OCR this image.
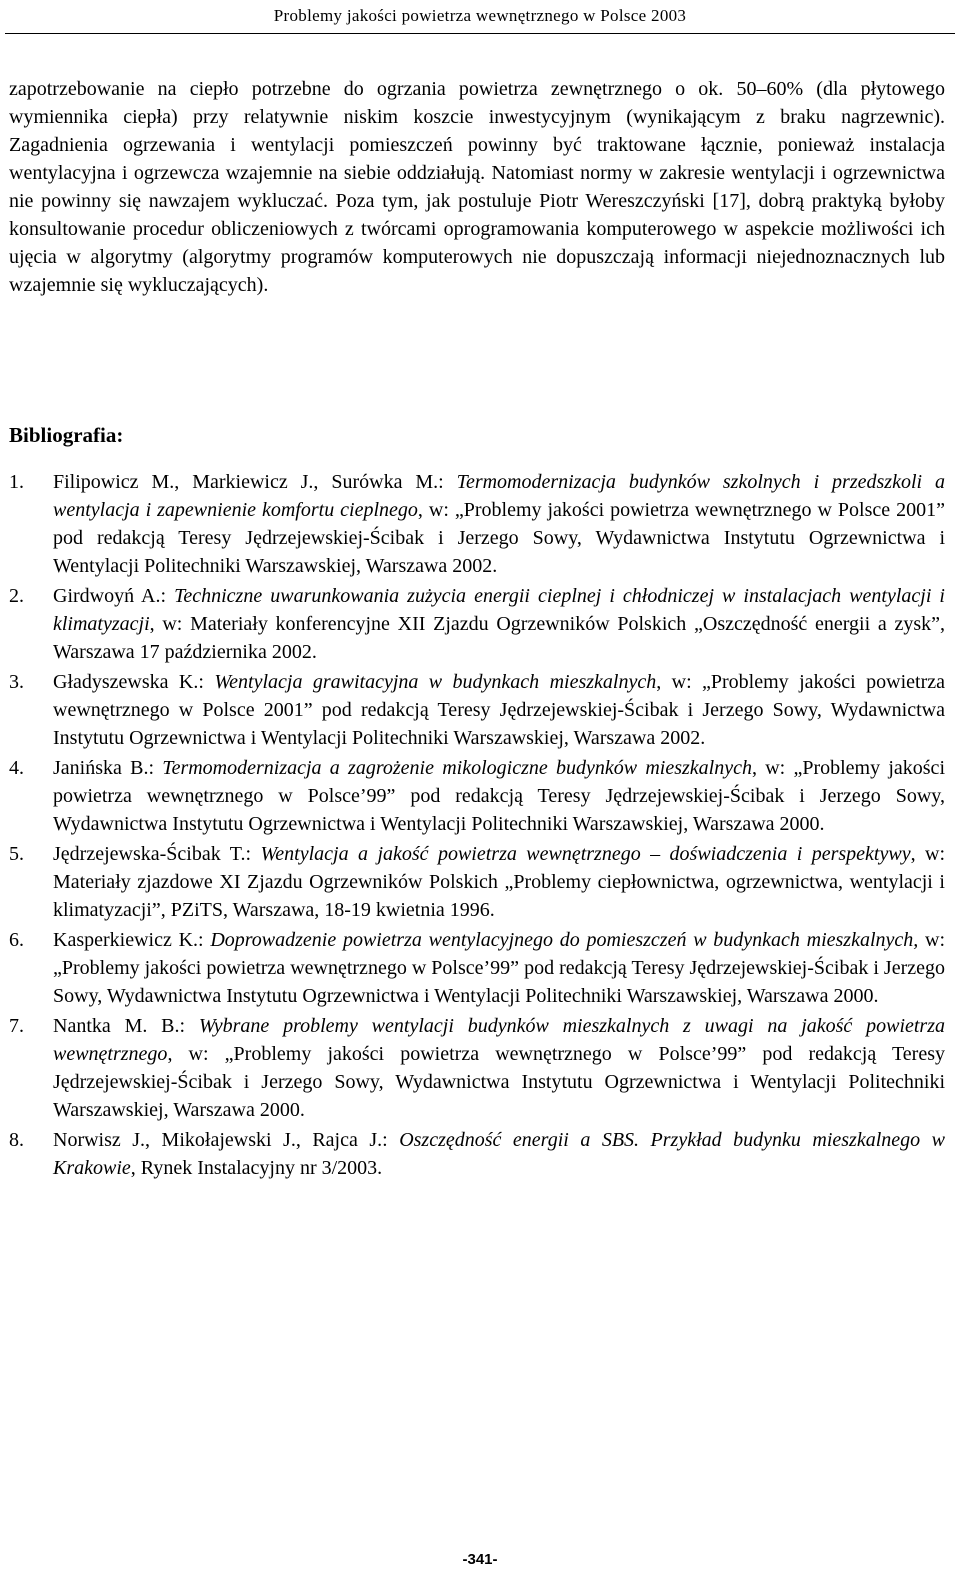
Problemy jakości powietrza wewnętrznego w Polsce 2003

zapotrzebowanie na ciepło potrzebne do ogrzania powietrza zewnętrznego o ok. 50–60% (dla płytowego wymiennika ciepła) przy relatywnie niskim koszcie inwestycyjnym (wynikającym z braku nagrzewnic). Zagadnienia ogrzewania i wentylacji pomieszczeń powinny być traktowane łącznie, ponieważ instalacja wentylacyjna i ogrzewcza wzajemnie na siebie oddziałują. Natomiast normy w zakresie wentylacji i ogrzewnictwa nie powinny się nawzajem wykluczać. Poza tym, jak postuluje Piotr Wereszczyński [17], dobrą praktyką byłoby konsultowanie procedur obliczeniowych z twórcami oprogramowania komputerowego w aspekcie możliwości ich ujęcia w algorytmy (algorytmy programów komputerowych nie dopuszczają informacji niejednoznacznych lub wzajemnie się wykluczających).

Bibliografia:
1. Filipowicz M., Markiewicz J., Surówka M.: Termomodernizacja budynków szkolnych i przedszkoli a wentylacja i zapewnienie komfortu cieplnego, w: „Problemy jakości powietrza wewnętrznego w Polsce 2001” pod redakcją Teresy Jędrzejewskiej-Ścibak i Jerzego Sowy, Wydawnictwa Instytutu Ogrzewnictwa i Wentylacji Politechniki Warszawskiej, Warszawa 2002.
2. Girdwoyń A.: Techniczne uwarunkowania zużycia energii cieplnej i chłodniczej w instalacjach wentylacji i klimatyzacji, w: Materiały konferencyjne XII Zjazdu Ogrzewników Polskich „Oszczędność energii a zysk”, Warszawa 17 października 2002.
3. Gładyszewska K.: Wentylacja grawitacyjna w budynkach mieszkalnych, w: „Problemy jakości powietrza wewnętrznego w Polsce 2001” pod redakcją Teresy Jędrzejewskiej-Ścibak i Jerzego Sowy, Wydawnictwa Instytutu Ogrzewnictwa i Wentylacji Politechniki Warszawskiej, Warszawa 2002.
4. Janińska B.: Termomodernizacja a zagrożenie mikologiczne budynków mieszkalnych, w: „Problemy jakości powietrza wewnętrznego w Polsce’99” pod redakcją Teresy Jędrzejewskiej-Ścibak i Jerzego Sowy, Wydawnictwa Instytutu Ogrzewnictwa i Wentylacji Politechniki Warszawskiej, Warszawa 2000.
5. Jędrzejewska-Ścibak T.: Wentylacja a jakość powietrza wewnętrznego – doświadczenia i perspektywy, w: Materiały zjazdowe XI Zjazdu Ogrzewników Polskich „Problemy ciepłownictwa, ogrzewnictwa, wentylacji i klimatyzacji”, PZiTS, Warszawa, 18-19 kwietnia 1996.
6. Kasperkiewicz K.: Doprowadzenie powietrza wentylacyjnego do pomieszczeń w budynkach mieszkalnych, w: „Problemy jakości powietrza wewnętrznego w Polsce’99” pod redakcją Teresy Jędrzejewskiej-Ścibak i Jerzego Sowy, Wydawnictwa Instytutu Ogrzewnictwa i Wentylacji Politechniki Warszawskiej, Warszawa 2000.
7. Nantka M. B.: Wybrane problemy wentylacji budynków mieszkalnych z uwagi na jakość powietrza wewnętrznego, w: „Problemy jakości powietrza wewnętrznego w Polsce’99” pod redakcją Teresy Jędrzejewskiej-Ścibak i Jerzego Sowy, Wydawnictwa Instytutu Ogrzewnictwa i Wentylacji Politechniki Warszawskiej, Warszawa 2000.
8. Norwisz J., Mikołajewski J., Rajca J.: Oszczędność energii a SBS. Przykład budynku mieszkalnego w Krakowie, Rynek Instalacyjny nr 3/2003.
-341-
